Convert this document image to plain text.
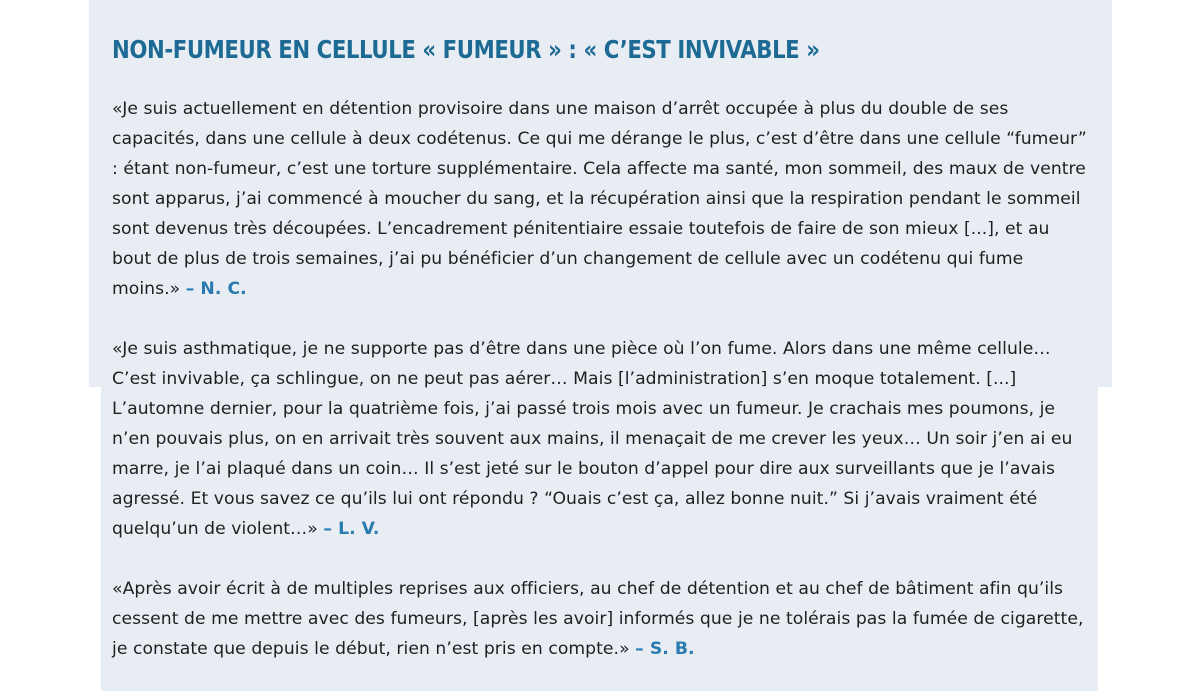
NON-FUMEUR EN CELLULE « FUMEUR » : « C’EST INVIVABLE »

«Je suis actuellement en détention provisoire dans une maison d’arrêt occupée à plus du double de ses capacités, dans une cellule à deux codétenus. Ce qui me dérange le plus, c’est d’être dans une cellule “fumeur” : étant non-fumeur, c’est une torture supplémentaire. Cela affecte ma santé, mon sommeil, des maux de ventre sont apparus, j’ai commencé à moucher du sang, et la récupération ainsi que la respiration pendant le sommeil sont devenus très découpées. L’encadrement pénitentiaire essaie toutefois de faire de son mieux [...], et au bout de plus de trois semaines, j’ai pu bénéficier d’un changement de cellule avec un codétenu qui fume moins.» – N. C.

«Je suis asthmatique, je ne supporte pas d’être dans une pièce où l’on fume. Alors dans une même cellule… C’est invivable, ça schlingue, on ne peut pas aérer… Mais [l’administration] s’en moque totalement. [...] L’automne dernier, pour la quatrième fois, j’ai passé trois mois avec un fumeur. Je crachais mes poumons, je n’en pouvais plus, on en arrivait très souvent aux mains, il menaçait de me crever les yeux… Un soir j’en ai eu marre, je l’ai plaqué dans un coin… Il s’est jeté sur le bouton d’appel pour dire aux surveillants que je l’avais agressé. Et vous savez ce qu’ils lui ont répondu ? “Ouais c’est ça, allez bonne nuit.” Si j’avais vraiment été quelqu’un de violent…» – L. V.

«Après avoir écrit à de multiples reprises aux officiers, au chef de détention et au chef de bâtiment afin qu’ils cessent de me mettre avec des fumeurs, [après les avoir] informés que je ne tolérais pas la fumée de cigarette, je constate que depuis le début, rien n’est pris en compte.» – S. B.
